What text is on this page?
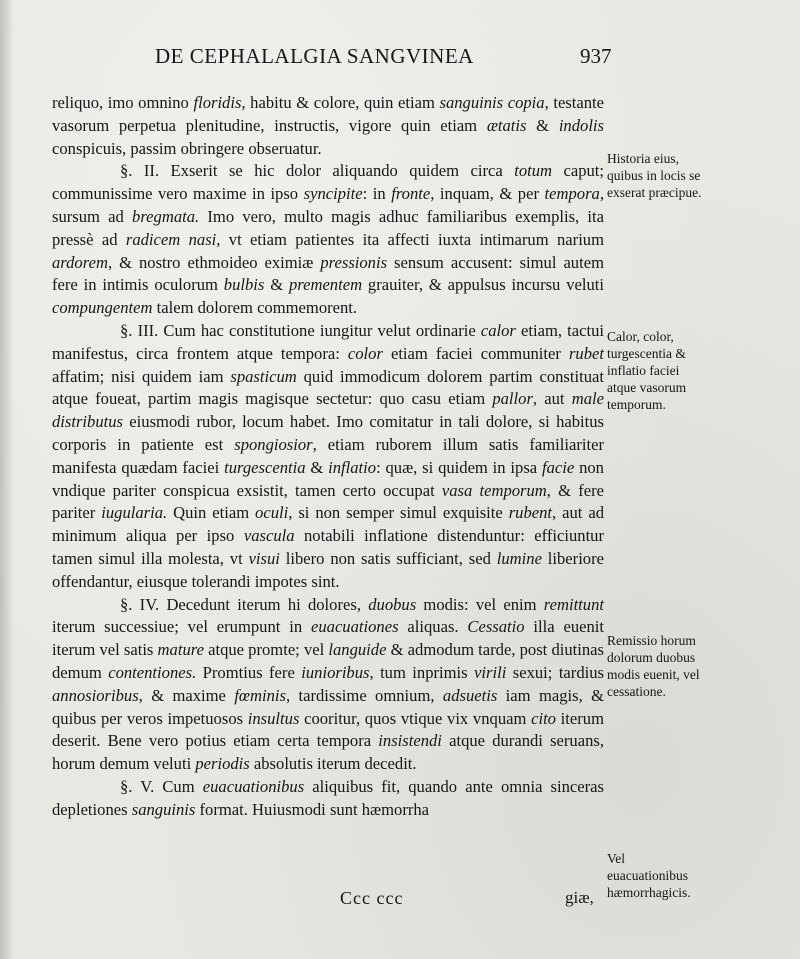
DE CEPHALALGIA SANGVINEA	937

reliquo, imo omnino floridis, habitu & colore, quin etiam sanguinis copia, testante vasorum perpetua plenitudine, instructis, vigore quin etiam ætatis & indolis conspicuis, passim obringere obseruatur.

§. II. Exserit se hic dolor aliquando quidem circa totum caput; communissime vero maxime in ipso syncipite: in fronte, inquam, & per tempora, sursum ad bregmata. Imo vero, multo magis adhuc familiaribus exemplis, ita pressè ad radicem nasi, vt etiam patientes ita affecti iuxta intimarum narium ardorem, & nostro ethmoideo eximiæ pressionis sensum accusent: simul autem fere in intimis oculorum bulbis & prementem grauiter, & appulsus incursu veluti compungentem talem dolorem commemorent.

§. III. Cum hac constitutione iungitur velut ordinarie calor etiam, tactui manifestus, circa frontem atque tempora: color etiam faciei communiter rubet affatim; nisi quidem iam spasticum quid immodicum dolorem partim constituat atque foueat, partim magis magisque sectetur: quo casu etiam pallor, aut male distributus eiusmodi rubor, locum habet. Imo comitatur in tali dolore, si habitus corporis in patiente est spongiosior, etiam ruborem illum satis familiariter manifesta quædam faciei turgescentia & inflatio: quæ, si quidem in ipsa facie non vndique pariter conspicua exsistit, tamen certo occupat vasa temporum, & fere pariter iugularia. Quin etiam oculi, si non semper simul exquisite rubent, aut ad minimum aliqua per ipso vascula notabili inflatione distenduntur: efficiuntur tamen simul illa molesta, vt visui libero non satis sufficiant, sed lumine liberiore offendantur, eiusque tolerandi impotes sint.

§. IV. Decedunt iterum hi dolores, duobus modis: vel enim remittunt iterum successiue; vel erumpunt in euacuationes aliquas. Cessatio illa euenit iterum vel satis mature atque promte; vel languide & admodum tarde, post diutinas demum contentiones. Promtius fere iunioribus, tum inprimis virili sexui; tardius annosioribus, & maxime fœminis, tardissime omnium, adsuetis iam magis, & quibus per veros impetuosos insultus cooritur, quos vtique vix vnquam cito iterum deserit. Bene vero potius etiam certa tempora insistendi atque durandi seruans, horum demum veluti periodis absolutis iterum decedit.

§. V. Cum euacuationibus aliquibus fit, quando ante omnia sinceras depletiones sanguinis format. Huiusmodi sunt hæmorrha

Historia eius, quibus in locis se exserat præcipue.
Calor, color, turgescentia & inflatio faciei atque vasorum temporum.
Remissio horum dolorum duobus modis euenit, vel cessatione.
Vel euacuationibus hæmorrhagicis.
Ccc ccc	giæ,
